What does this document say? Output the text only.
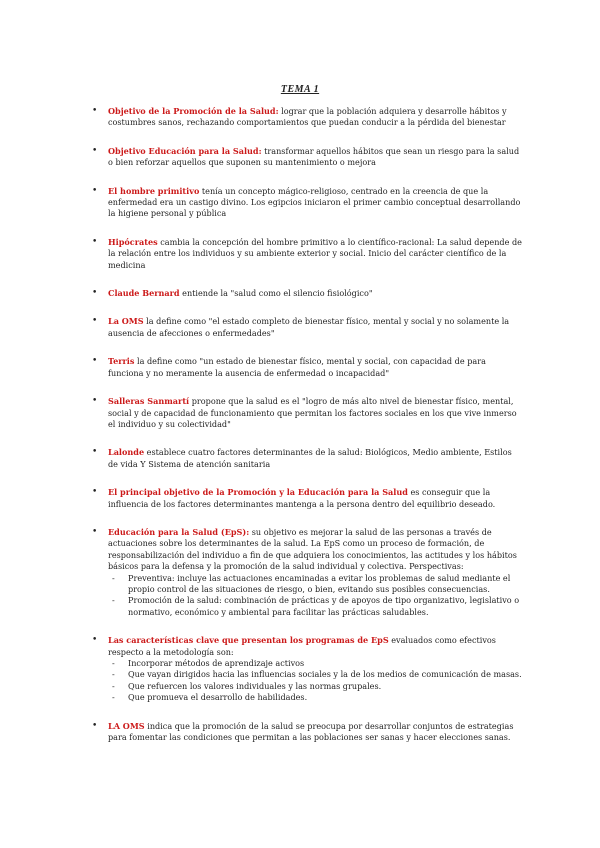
TEMA 1
• Objetivo de la Promoción de la Salud: lograr que la población adquiera y desarrolle hábitos y costumbres sanos, rechazando comportamientos que puedan conducir a la pérdida del bienestar
• Objetivo Educación para la Salud: transformar aquellos hábitos que sean un riesgo para la salud o bien reforzar aquellos que suponen su mantenimiento o mejora
• El hombre primitivo tenía un concepto mágico-religioso, centrado en la creencia de que la enfermedad era un castigo divino. Los egipcios iniciaron el primer cambio conceptual desarrollando la higiene personal y pública
• Hipócrates cambia la concepción del hombre primitivo a lo científico-racional: La salud depende de la relación entre los individuos y su ambiente exterior y social. Inicio del carácter científico de la medicina
• Claude Bernard entiende la "salud como el silencio fisiológico"
• La OMS la define como "el estado completo de bienestar físico, mental y social y no solamente la ausencia de afecciones o enfermedades"
• Terris la define como "un estado de bienestar físico, mental y social, con capacidad de para funciona y no meramente la ausencia de enfermedad o incapacidad"
• Salleras Sanmartí propone que la salud es el "logro de más alto nivel de bienestar físico, mental, social y de capacidad de funcionamiento que permitan los factores sociales en los que vive inmerso el individuo y su colectividad"
• Lalonde establece cuatro factores determinantes de la salud: Biológicos, Medio ambiente, Estilos de vida Y Sistema de atención sanitaria
• El principal objetivo de la Promoción y la Educación para la Salud es conseguir que la influencia de los factores determinantes mantenga a la persona dentro del equilibrio deseado.
• Educación para la Salud (EpS): su objetivo es mejorar la salud de las personas a través de actuaciones sobre los determinantes de la salud. La EpS como un proceso de formación, de responsabilización del individuo a fin de que adquiera los conocimientos, las actitudes y los hábitos básicos para la defensa y la promoción de la salud individual y colectiva. Perspectivas:
- Preventiva: incluye las actuaciones encaminadas a evitar los problemas de salud mediante el propio control de las situaciones de riesgo, o bien, evitando sus posibles consecuencias.
- Promoción de la salud: combinación de prácticas y de apoyos de tipo organizativo, legislativo o normativo, económico y ambiental para facilitar las prácticas saludables.
• Las características clave que presentan los programas de EpS evaluados como efectivos respecto a la metodología son:
- Incorporar métodos de aprendizaje activos
- Que vayan dirigidos hacia las influencias sociales y la de los medios de comunicación de masas.
- Que refuercen los valores individuales y las normas grupales.
- Que promueva el desarrollo de habilidades.
• LA OMS indica que la promoción de la salud se preocupa por desarrollar conjuntos de estrategias para fomentar las condiciones que permitan a las poblaciones ser sanas y hacer elecciones sanas.
